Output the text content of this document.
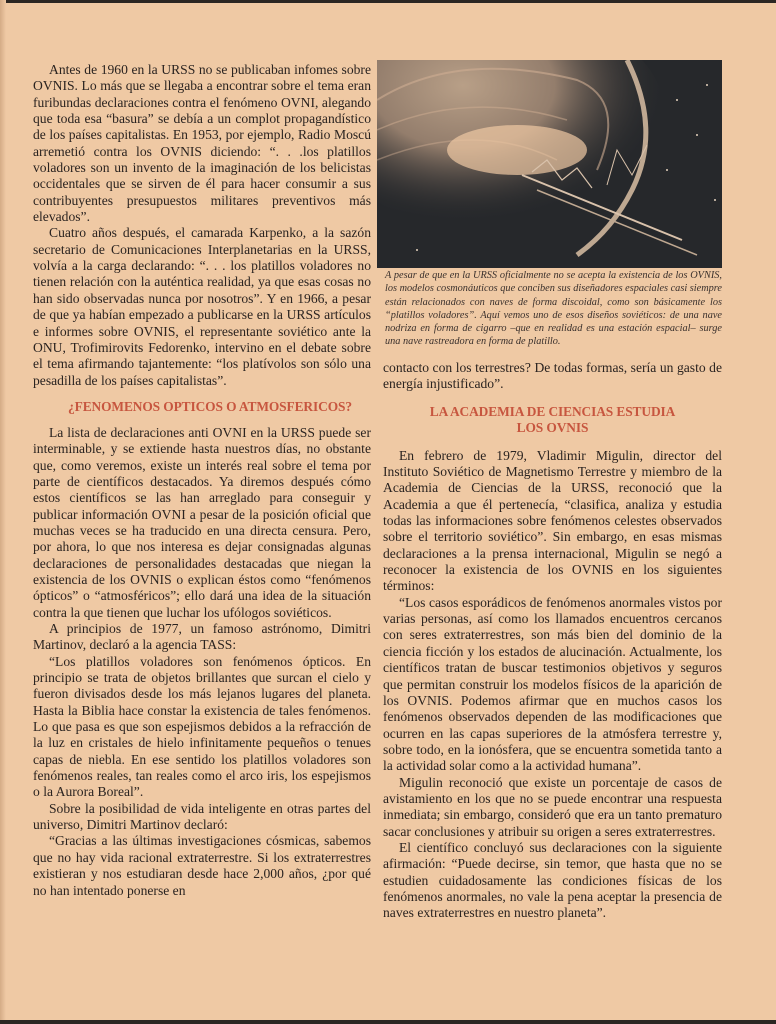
Antes de 1960 en la URSS no se publicaban infomes sobre OVNIS. Lo más que se llegaba a encontrar sobre el tema eran furibundas declaraciones contra el fenómeno OVNI, alegando que toda esa “basura” se debía a un complot propagandístico de los países capitalistas. En 1953, por ejemplo, Radio Moscú arremetió contra los OVNIS diciendo: “. . .los platillos voladores son un invento de la imaginación de los belicistas occidentales que se sirven de él para hacer consumir a sus contribuyentes presupuestos militares preventivos más elevados”.

Cuatro años después, el camarada Karpenko, a la sazón secretario de Comunicaciones Interplanetarias en la URSS, volvía a la carga declarando: “. . . los platillos voladores no tienen relación con la auténtica realidad, ya que esas cosas no han sido observadas nunca por nosotros”. Y en 1966, a pesar de que ya habían empezado a publicarse en la URSS artículos e informes sobre OVNIS, el representante soviético ante la ONU, Trofimirovits Fedorenko, intervino en el debate sobre el tema afirmando tajantemente: “los platívolos son sólo una pesadilla de los países capitalistas”.

¿FENOMENOS OPTICOS O ATMOSFERICOS?

La lista de declaraciones anti OVNI en la URSS puede ser interminable, y se extiende hasta nuestros días, no obstante que, como veremos, existe un interés real sobre el tema por parte de científicos destacados. Ya diremos después cómo estos científicos se las han arreglado para conseguir y publicar información OVNI a pesar de la posición oficial que muchas veces se ha traducido en una directa censura. Pero, por ahora, lo que nos interesa es dejar consignadas algunas declaraciones de personalidades destacadas que niegan la existencia de los OVNIS o explican éstos como “fenómenos ópticos” o “atmosféricos”; ello dará una idea de la situación contra la que tienen que luchar los ufólogos soviéticos.

A principios de 1977, un famoso astrónomo, Dimitri Martinov, declaró a la agencia TASS:

“Los platillos voladores son fenómenos ópticos. En principio se trata de objetos brillantes que surcan el cielo y fueron divisados desde los más lejanos lugares del planeta. Hasta la Biblia hace constar la existencia de tales fenómenos. Lo que pasa es que son espejismos debidos a la refracción de la luz en cristales de hielo infinitamente pequeños o tenues capas de niebla. En ese sentido los platillos voladores son fenómenos reales, tan reales como el arco iris, los espejismos o la Aurora Boreal”.

Sobre la posibilidad de vida inteligente en otras partes del universo, Dimitri Martinov declaró:

“Gracias a las últimas investigaciones cósmicas, sabemos que no hay vida racional extraterrestre. Si los extraterrestres existieran y nos estudiaran desde hace 2,000 años, ¿por qué no han intentado ponerse en

A pesar de que en la URSS oficialmente no se acepta la existencia de los OVNIS, los modelos cosmonáuticos que conciben sus diseñadores espaciales casi siempre están relacionados con naves de forma discoidal, como son básicamente los “platillos voladores”. Aquí vemos uno de esos diseños soviéticos: de una nave nodriza en forma de cigarro –que en realidad es una estación espacial– surge una nave rastreadora en forma de platillo.

contacto con los terrestres? De todas formas, sería un gasto de energía injustificado”.

LA ACADEMIA DE CIENCIAS ESTUDIA
LOS OVNIS

En febrero de 1979, Vladimir Migulin, director del Instituto Soviético de Magnetismo Terrestre y miembro de la Academia de Ciencias de la URSS, reconoció que la Academia a que él pertenecía, “clasifica, analiza y estudia todas las informaciones sobre fenómenos celestes observados sobre el territorio soviético”. Sin embargo, en esas mismas declaraciones a la prensa internacional, Migulin se negó a reconocer la existencia de los OVNIS en los siguientes términos:

“Los casos esporádicos de fenómenos anormales vistos por varias personas, así como los llamados encuentros cercanos con seres extraterrestres, son más bien del dominio de la ciencia ficción y los estados de alucinación. Actualmente, los científicos tratan de buscar testimonios objetivos y seguros que permitan construir los modelos físicos de la aparición de los OVNIS. Podemos afirmar que en muchos casos los fenómenos observados dependen de las modificaciones que ocurren en las capas superiores de la atmósfera terrestre y, sobre todo, en la ionósfera, que se encuentra sometida tanto a la actividad solar como a la actividad humana”.

Migulin reconoció que existe un porcentaje de casos de avistamiento en los que no se puede encontrar una respuesta inmediata; sin embargo, consideró que era un tanto prematuro sacar conclusiones y atribuir su origen a seres extraterrestres.

El científico concluyó sus declaraciones con la siguiente afirmación: “Puede decirse, sin temor, que hasta que no se estudien cuidadosamente las condiciones físicas de los fenómenos anormales, no vale la pena aceptar la presencia de naves extraterrestres en nuestro planeta”.
